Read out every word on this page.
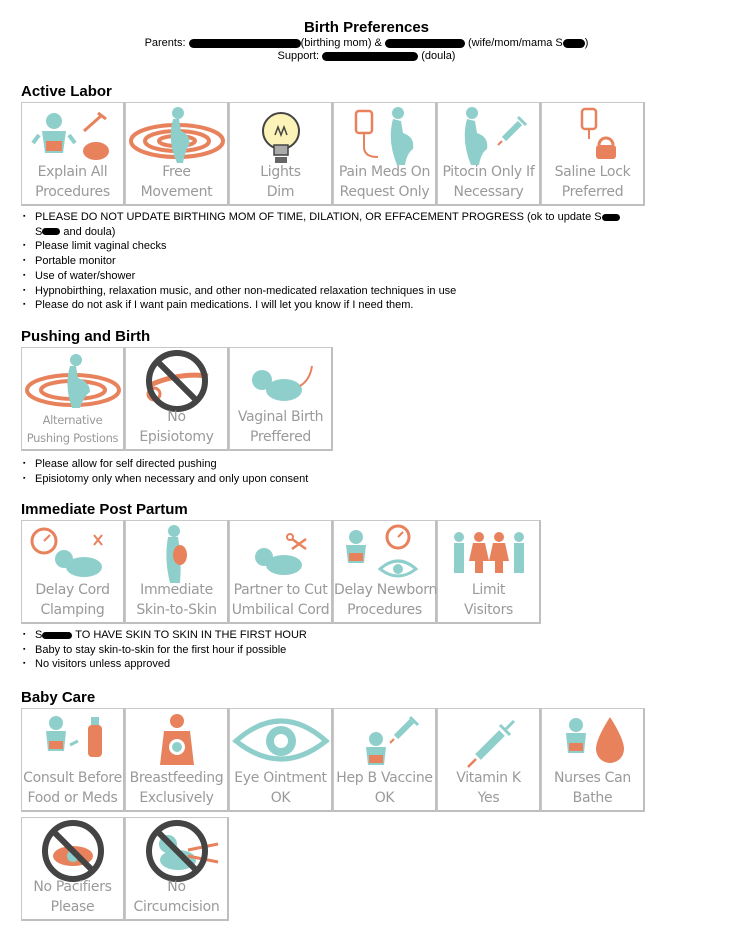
Birth Preferences
Parents:	(birthing mom) &	(wife/mom/mama S )
Support:	(doula)
Active Labor
Explain All
Procedures
Free
Movement
Lights
Dim
Pain Meds On
Request Only
Pitocin Only If
Necessary
Saline Lock
Preferred
▪ PLEASE DO NOT UPDATE BIRTHING MOM OF TIME, DILATION, OR EFFACEMENT PROGRESS (ok to update S
S and doula)
▪ Please limit vaginal checks
▪ Portable monitor
▪ Use of water/shower
▪ Hypnobirthing, relaxation music, and other non-medicated relaxation techniques in use
▪ Please do not ask if I want pain medications. I will let you know if I need them.
Pushing and Birth
Alternative
Pushing Postions
No
Episiotomy
Vaginal Birth
Preffered
▪ Please allow for self directed pushing
▪ Episiotomy only when necessary and only upon consent
Immediate Post Partum
Delay Cord
Clamping
Immediate
Skin-to-Skin
Partner to Cut
Umbilical Cord
Delay Newborn
Procedures
Limit
Visitors
▪ S	TO HAVE SKIN TO SKIN IN THE FIRST HOUR
▪ Baby to stay skin-to-skin for the first hour if possible
▪ No visitors unless approved
Baby Care
Consult Before
Food or Meds
Breastfeeding
Exclusively
Eye Ointment
OK
Hep B Vaccine
OK
Vitamin K
Yes
Nurses Can
Bathe
No Pacifiers
Please
No
Circumcision
